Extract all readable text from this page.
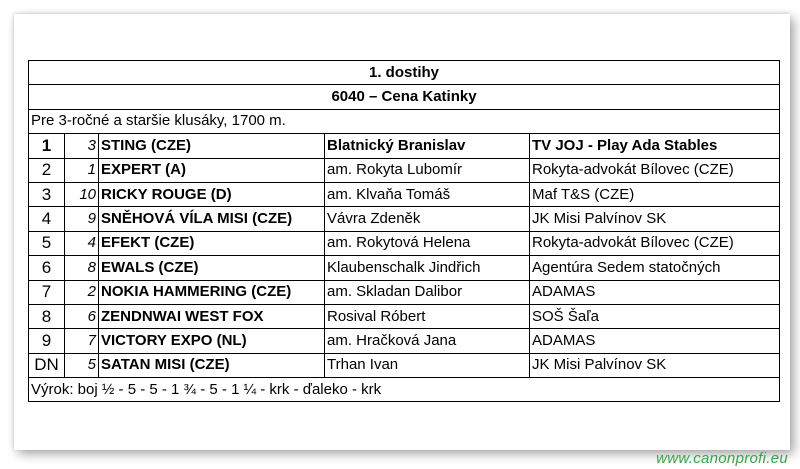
1. dostihy				
6040 – Cena Katinky				
Pre 3-ročné a staršie klusáky, 1700 m.				
1	3	STING (CZE)	Blatnický Branislav	TV JOJ - Play Ada Stables
2	1	EXPERT (A)	am. Rokyta Lubomír	Rokyta-advokát Bílovec (CZE)
3	10	RICKY ROUGE (D)	am. Klvaňa Tomáš	Maf T&S (CZE)
4	9	SNĚHOVÁ VÍLA MISI (CZE)	Vávra Zdeněk	JK Misi Palvínov SK
5	4	EFEKT (CZE)	am. Rokytová Helena	Rokyta-advokát Bílovec (CZE)
6	8	EWALS (CZE)	Klaubenschalk Jindřich	Agentúra Sedem statočných
7	2	NOKIA HAMMERING (CZE)	am. Skladan Dalibor	ADAMAS
8	6	ZENDNWAI WEST FOX	Rosival Róbert	SOŠ Šaľa
9	7	VICTORY EXPO (NL)	am. Hračková Jana	ADAMAS
DN	5	SATAN MISI (CZE)	Trhan Ivan	JK Misi Palvínov SK
Výrok: boj ½ - 5 - 5 - 1 ¾ - 5 - 1 ¼ - krk - ďaleko - krk				
www.canonprofi.eu
